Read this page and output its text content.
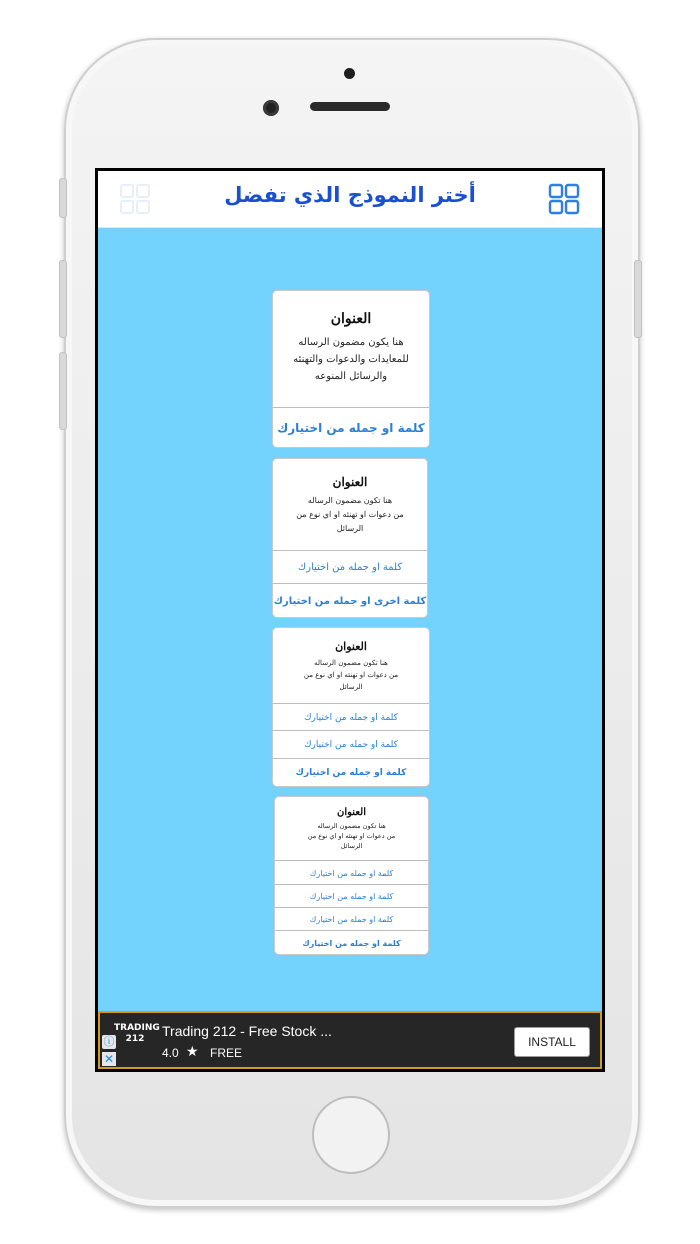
أختر النموذج الذي تفضل
العنوان
هنا يكون مضمون الرساله
للمعايدات والدعوات والتهنئه
والرسائل المنوعه
كلمة او جمله من اختيارك
العنوان
هنا تكون مضمون الرساله
من دعوات او تهنئه او اي نوع من
الرسائل
كلمة او جمله من اختيارك
كلمة اخرى او جمله من اختيارك
العنوان
هنا تكون مضمون الرساله
من دعوات او تهنئه او اي نوع من
الرسائل
كلمة او جمله من اختيارك
كلمة او جمله من اختيارك
كلمة او جمله من اختيارك
العنوان
هنا تكون مضمون الرساله
من دعوات او تهنئه او اي نوع من
الرسائل
كلمة او جمله من اختيارك
كلمة او جمله من اختيارك
كلمة او جمله من اختيارك
كلمة او جمله من اختيارك
TRADING 212
ⓘ
✕
Trading 212 - Free Stock ...
4.0 ★ FREE
INSTALL
